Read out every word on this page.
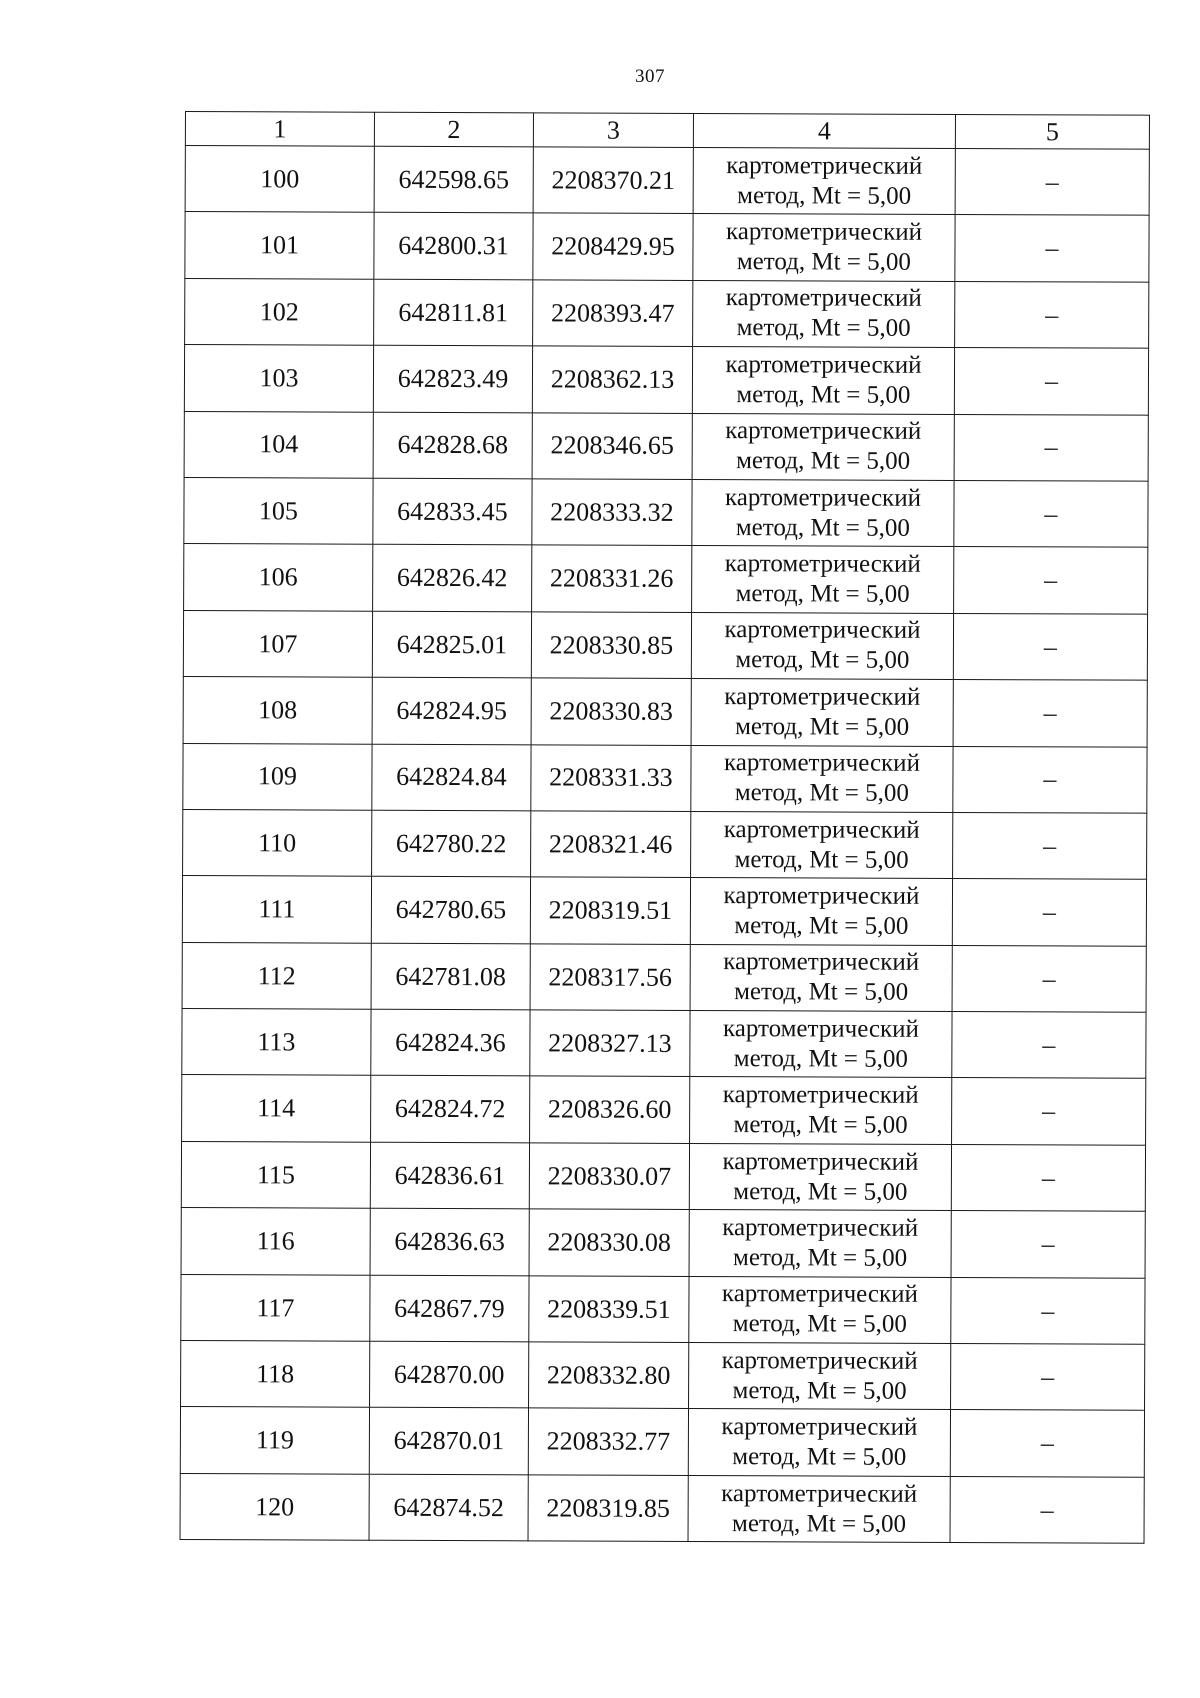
307
1	2	3	4	5
100	642598.65	2208370.21	картометрический
метод, Mt = 5,00	–
101	642800.31	2208429.95	картометрический
метод, Mt = 5,00	–
102	642811.81	2208393.47	картометрический
метод, Mt = 5,00	–
103	642823.49	2208362.13	картометрический
метод, Mt = 5,00	–
104	642828.68	2208346.65	картометрический
метод, Mt = 5,00	–
105	642833.45	2208333.32	картометрический
метод, Mt = 5,00	–
106	642826.42	2208331.26	картометрический
метод, Mt = 5,00	–
107	642825.01	2208330.85	картометрический
метод, Mt = 5,00	–
108	642824.95	2208330.83	картометрический
метод, Mt = 5,00	–
109	642824.84	2208331.33	картометрический
метод, Mt = 5,00	–
110	642780.22	2208321.46	картометрический
метод, Mt = 5,00	–
111	642780.65	2208319.51	картометрический
метод, Mt = 5,00	–
112	642781.08	2208317.56	картометрический
метод, Mt = 5,00	–
113	642824.36	2208327.13	картометрический
метод, Mt = 5,00	–
114	642824.72	2208326.60	картометрический
метод, Mt = 5,00	–
115	642836.61	2208330.07	картометрический
метод, Mt = 5,00	–
116	642836.63	2208330.08	картометрический
метод, Mt = 5,00	–
117	642867.79	2208339.51	картометрический
метод, Mt = 5,00	–
118	642870.00	2208332.80	картометрический
метод, Mt = 5,00	–
119	642870.01	2208332.77	картометрический
метод, Mt = 5,00	–
120	642874.52	2208319.85	картометрический
метод, Mt = 5,00	–
